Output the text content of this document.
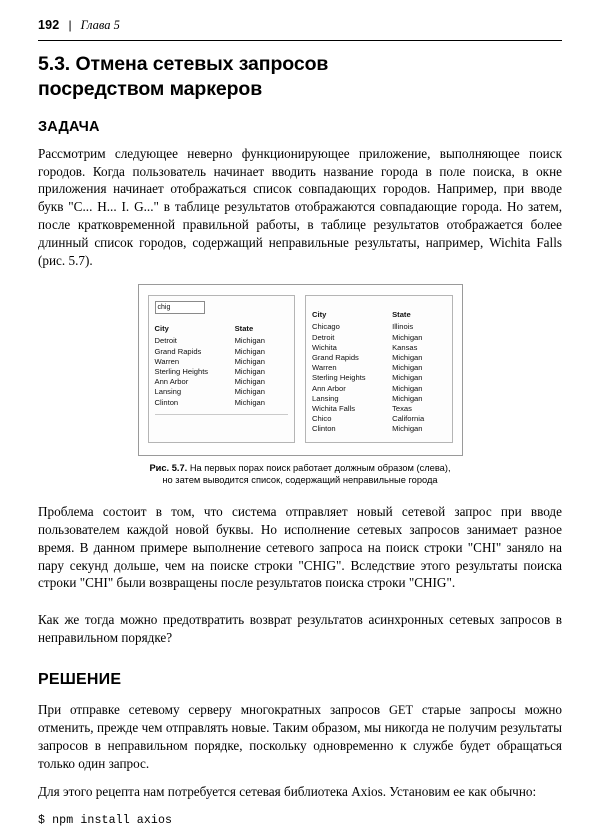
192 | Глава 5
5.3. Отмена сетевых запросов
посредством маркеров
ЗАДАЧА

Рассмотрим следующее неверно функционирующее приложение, выполняющее поиск городов. Когда пользователь начинает вводить название города в поле поиска, в окне приложения начинает отображаться список совпадающих городов. Например, при вводе букв "С... H... I. G..." в таблице результатов отображаются совпадающие города. Но затем, после кратковременной правильной работы, в таблице результатов отображается более длинный список городов, содержащий неправильные результаты, например, Wichita Falls (рис. 5.7).

chig
City	State
Detroit	Michigan
Grand Rapids	Michigan
Warren	Michigan
Sterling Heights	Michigan
Ann Arbor	Michigan
Lansing	Michigan
Clinton	Michigan
City	State
Chicago	Illinois
Detroit	Michigan
Wichita	Kansas
Grand Rapids	Michigan
Warren	Michigan
Sterling Heights	Michigan
Ann Arbor	Michigan
Lansing	Michigan
Wichita Falls	Texas
Chico	California
Clinton	Michigan
Рис. 5.7. На первых порах поиск работает должным образом (слева),
но затем выводится список, содержащий неправильные города

Проблема состоит в том, что система отправляет новый сетевой запрос при вводе пользователем каждой новой буквы. Но исполнение сетевых запросов занимает разное время. В данном примере выполнение сетевого запроса на поиск строки "CHI" заняло на пару секунд дольше, чем на поиске строки "CHIG". Вследствие этого результаты поиска строки "CHI" были возвращены после результатов поиска строки "CHIG".

Как же тогда можно предотвратить возврат результатов асинхронных сетевых запросов в неправильном порядке?

РЕШЕНИЕ

При отправке сетевому серверу многократных запросов GET старые запросы можно отменить, прежде чем отправлять новые. Таким образом, мы никогда не получим результаты запросов в неправильном порядке, поскольку одновременно к службе будет обращаться только один запрос.

Для этого рецепта нам потребуется сетевая библиотека Axios. Установим ее как обычно:

$ npm install axios
